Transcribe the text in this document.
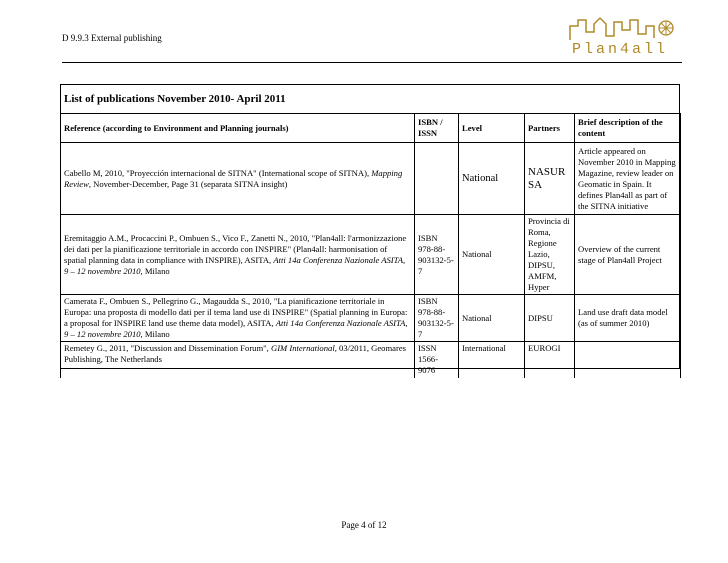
D 9.9.3 External publishing
Plan4all
List of publications November 2010- April 2011
Reference (according to Environment and Planning journals)	ISBN / ISSN	Level	Partners	Brief description of the content
Cabello M, 2010, "Proyección internacional de SITNA" (International scope of SITNA), Mapping Review, November-December, Page 31 (separata SITNA insight)		National	NASUR SA	Article appeared on November 2010 in Mapping Magazine, review leader on Geomatic in Spain. It defines Plan4all as part of the SITNA initiative
Eremitaggio A.M., Procaccini P., Ombuen S., Vico F., Zanetti N., 2010, "Plan4all: l'armonizzazione dei dati per la pianificazione territoriale in accordo con INSPIRE" (Plan4all: harmonisation of spatial planning data in compliance with INSPIRE), ASITA, Atti 14a Conferenza Nazionale ASITA, 9 – 12 novembre 2010, Milano	ISBN 978-88-903132-5-7	National	Provincia di Roma, Regione Lazio, DIPSU, AMFM, Hyper	Overview of the current stage of Plan4all Project
Camerata F., Ombuen S., Pellegrino G., Magaudda S., 2010, "La pianificazione territoriale in Europa: una proposta di modello dati per il tema land use di INSPIRE" (Spatial planning in Europa: a proposal for INSPIRE land use theme data model), ASITA, Atti 14a Conferenza Nazionale ASITA, 9 – 12 novembre 2010, Milano	ISBN 978-88-903132-5-7	National	DIPSU	Land use draft data model (as of summer 2010)
Remetey G., 2011, "Discussion and Dissemination Forum", GIM International, 03/2011, Geomares Publishing, The Netherlands	ISSN 1566-9076	International	EUROGI	
Page 4 of 12
